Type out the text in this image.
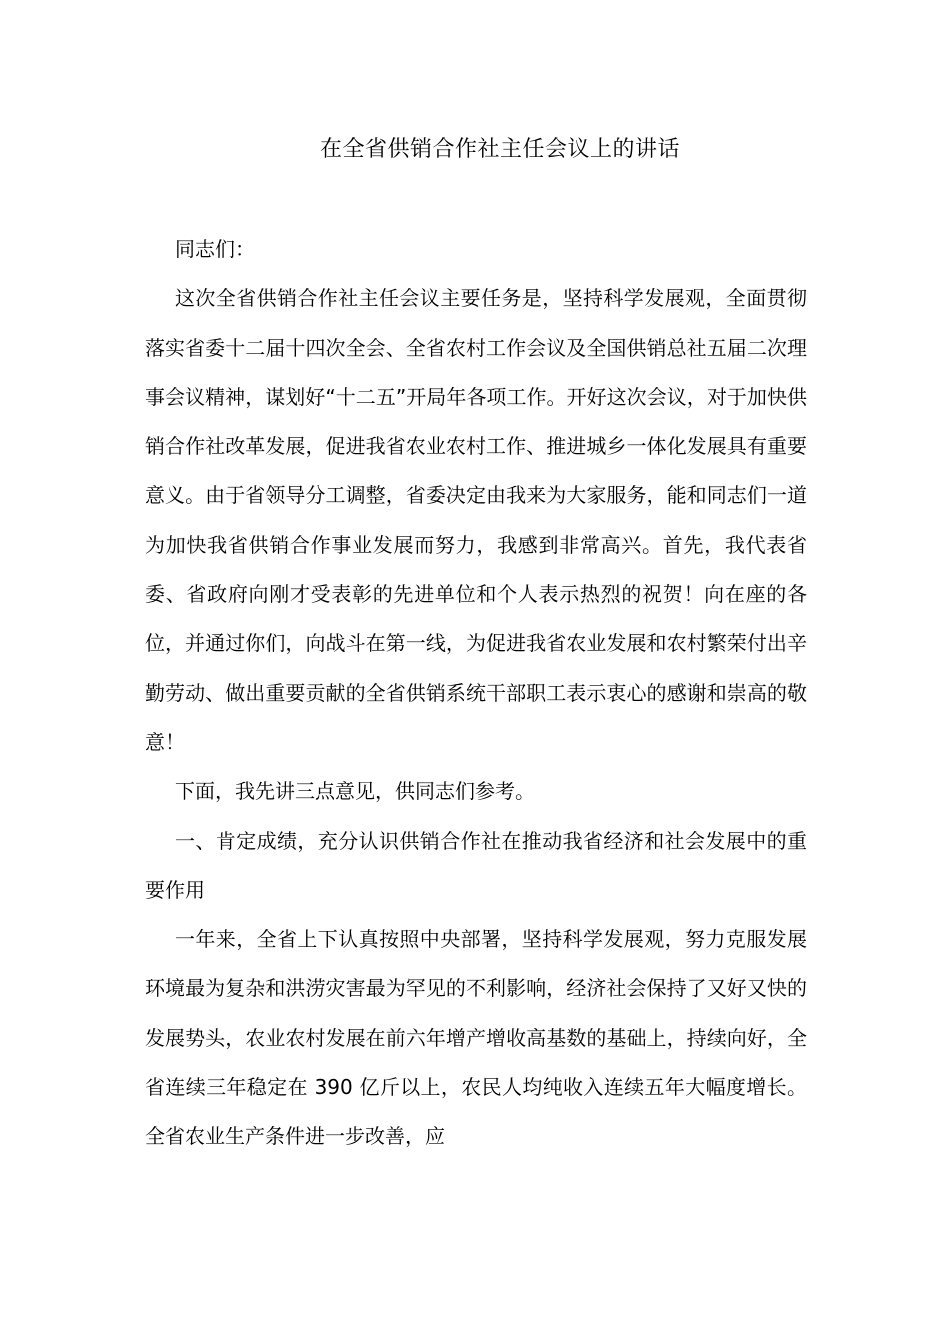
在全省供销合作社主任会议上的讲话

同志们：

这次全省供销合作社主任会议主要任务是，坚持科学发展观，全面贯彻落实省委十二届十四次全会、全省农村工作会议及全国供销总社五届二次理事会议精神，谋划好“十二五”开局年各项工作。开好这次会议，对于加快供销合作社改革发展，促进我省农业农村工作、推进城乡一体化发展具有重要意义。由于省领导分工调整，省委决定由我来为大家服务，能和同志们一道为加快我省供销合作事业发展而努力，我感到非常高兴。首先，我代表省委、省政府向刚才受表彰的先进单位和个人表示热烈的祝贺！向在座的各位，并通过你们，向战斗在第一线，为促进我省农业发展和农村繁荣付出辛勤劳动、做出重要贡献的全省供销系统干部职工表示衷心的感谢和崇高的敬意！

下面，我先讲三点意见，供同志们参考。

一、肯定成绩，充分认识供销合作社在推动我省经济和社会发展中的重要作用

一年来，全省上下认真按照中央部署，坚持科学发展观，努力克服发展环境最为复杂和洪涝灾害最为罕见的不利影响，经济社会保持了又好又快的发展势头，农业农村发展在前六年增产增收高基数的基础上，持续向好，全省连续三年稳定在 390 亿斤以上，农民人均纯收入连续五年大幅度增长。全省农业生产条件进一步改善，应
